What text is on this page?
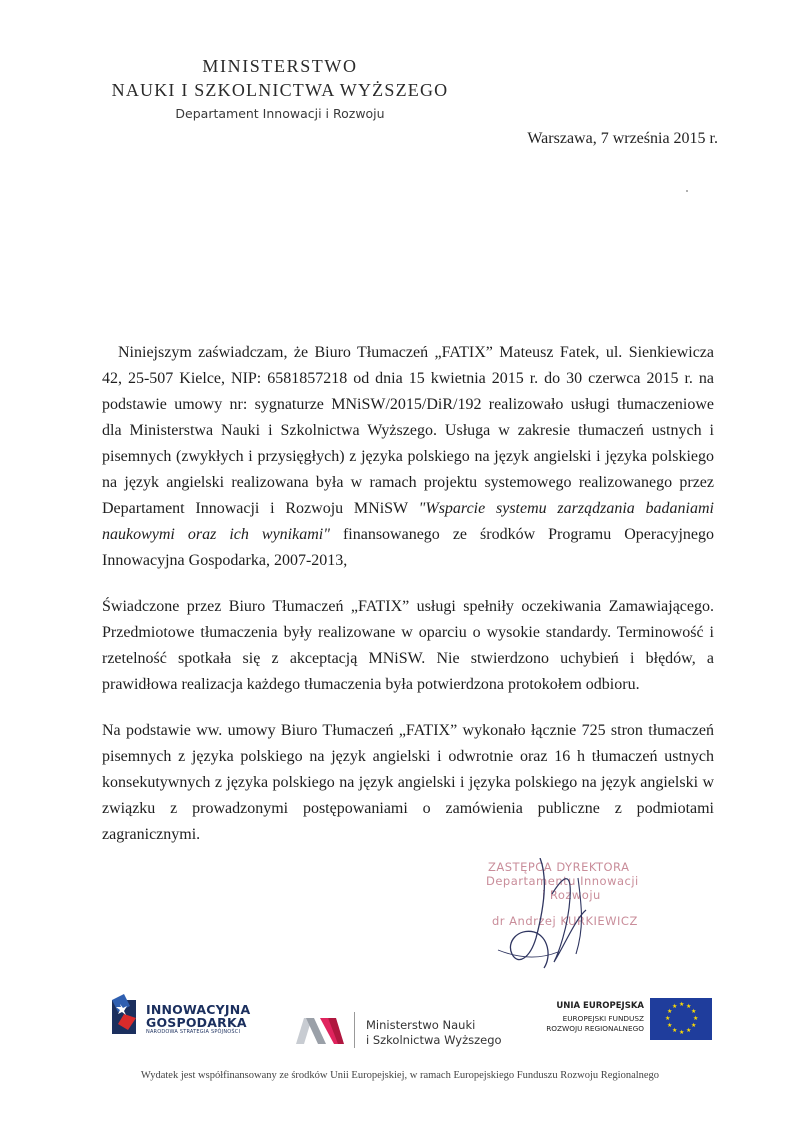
MINISTERSTWO
NAUKI I SZKOLNICTWA WYŻSZEGO
Departament Innowacji i Rozwoju
Warszawa, 7 września 2015 r.

Niniejszym zaświadczam, że Biuro Tłumaczeń „FATIX” Mateusz Fatek, ul. Sienkiewicza 42, 25-507 Kielce, NIP: 6581857218 od dnia 15 kwietnia 2015 r. do 30 czerwca 2015 r. na podstawie umowy nr: sygnaturze MNiSW/2015/DiR/192 realizowało usługi tłumaczeniowe dla Ministerstwa Nauki i Szkolnictwa Wyższego. Usługa w zakresie tłumaczeń ustnych i pisemnych (zwykłych i przysięgłych) z języka polskiego na język angielski i języka polskiego na język angielski realizowana była w ramach projektu systemowego realizowanego przez Departament Innowacji i Rozwoju MNiSW "Wsparcie systemu zarządzania badaniami naukowymi oraz ich wynikami" finansowanego ze środków Programu Operacyjnego Innowacyjna Gospodarka, 2007-2013,

Świadczone przez Biuro Tłumaczeń „FATIX” usługi spełniły oczekiwania Zamawiającego. Przedmiotowe tłumaczenia były realizowane w oparciu o wysokie standardy. Terminowość i rzetelność spotkała się z akceptacją MNiSW. Nie stwierdzono uchybień i błędów, a prawidłowa realizacja każdego tłumaczenia była potwierdzona protokołem odbioru.

Na podstawie ww. umowy Biuro Tłumaczeń „FATIX” wykonało łącznie 725 stron tłumaczeń pisemnych z języka polskiego na język angielski i odwrotnie oraz 16 h tłumaczeń ustnych konsekutywnych z języka polskiego na język angielski i języka polskiego na język angielski w związku z prowadzonymi postępowaniami o zamówienia publiczne z podmiotami zagranicznymi.

ZASTĘPCA DYREKTORA
Departamentu Innowacji
i Rozwoju
dr Andrzej KURKIEWICZ
INNOWACYJNA
GOSPODARKA
NARODOWA STRATEGIA SPÓJNOŚCI	Ministerstwo Nauki
i Szkolnictwa Wyższego
UNIA EUROPEJSKA
EUROPEJSKI FUNDUSZ
ROZWOJU REGIONALNEGO
★ ★
★
★
★
★
★
★
★
★
★
★
Wydatek jest współfinansowany ze środków Unii Europejskiej, w ramach Europejskiego Funduszu Rozwoju Regionalnego
